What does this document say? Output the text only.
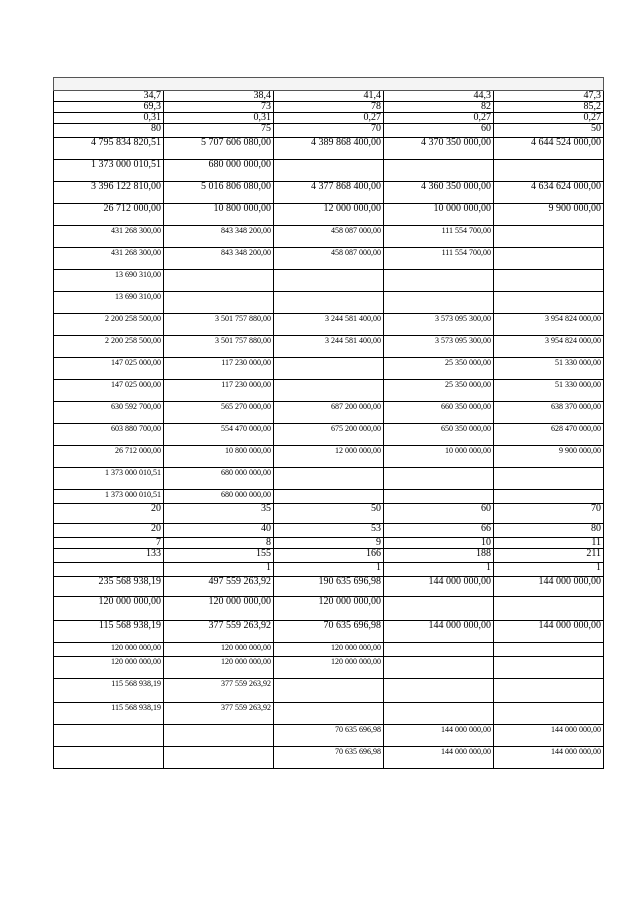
34,7	38,4	41,4	44,3	47,3
69,3	73	78	82	85,2
0,31	0,31	0,27	0,27	0,27
80	75	70	60	50
4 795 834 820,51	5 707 606 080,00	4 389 868 400,00	4 370 350 000,00	4 644 524 000,00
1 373 000 010,51	680 000 000,00			
3 396 122 810,00	5 016 806 080,00	4 377 868 400,00	4 360 350 000,00	4 634 624 000,00
26 712 000,00	10 800 000,00	12 000 000,00	10 000 000,00	9 900 000,00
431 268 300,00	843 348 200,00	458 087 000,00	111 554 700,00	
431 268 300,00	843 348 200,00	458 087 000,00	111 554 700,00	
13 690 310,00				
13 690 310,00				
2 200 258 500,00	3 501 757 880,00	3 244 581 400,00	3 573 095 300,00	3 954 824 000,00
2 200 258 500,00	3 501 757 880,00	3 244 581 400,00	3 573 095 300,00	3 954 824 000,00
147 025 000,00	117 230 000,00		25 350 000,00	51 330 000,00
147 025 000,00	117 230 000,00		25 350 000,00	51 330 000,00
630 592 700,00	565 270 000,00	687 200 000,00	660 350 000,00	638 370 000,00
603 880 700,00	554 470 000,00	675 200 000,00	650 350 000,00	628 470 000,00
26 712 000,00	10 800 000,00	12 000 000,00	10 000 000,00	9 900 000,00
1 373 000 010,51	680 000 000,00			
1 373 000 010,51	680 000 000,00			
20	35	50	60	70
20	40	53	66	80
7	8	9	10	11
133	155	166	188	211
	1	1	1	1
235 568 938,19	497 559 263,92	190 635 696,98	144 000 000,00	144 000 000,00
120 000 000,00	120 000 000,00	120 000 000,00		
115 568 938,19	377 559 263,92	70 635 696,98	144 000 000,00	144 000 000,00
120 000 000,00	120 000 000,00	120 000 000,00		
120 000 000,00	120 000 000,00	120 000 000,00		
115 568 938,19	377 559 263,92			
115 568 938,19	377 559 263,92			
		70 635 696,98	144 000 000,00	144 000 000,00
		70 635 696,98	144 000 000,00	144 000 000,00
